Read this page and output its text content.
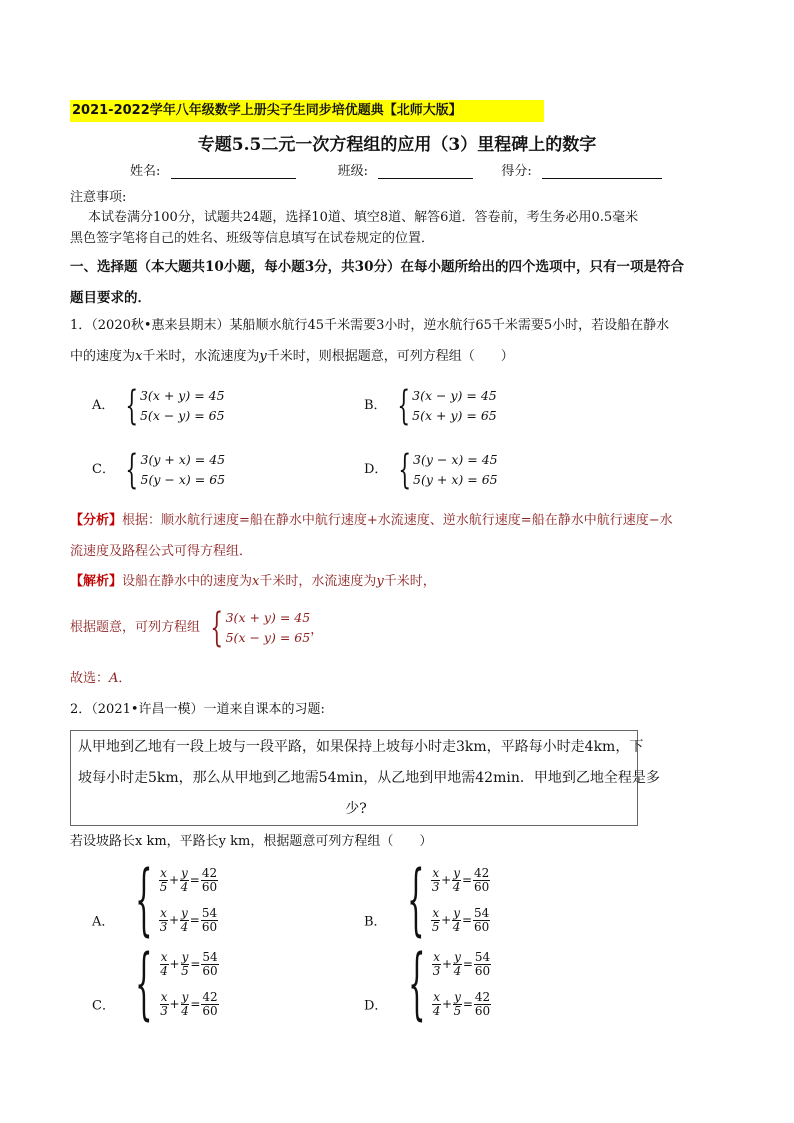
2021-2022学年八年级数学上册尖子生同步培优题典【北师大版】
专题5.5二元一次方程组的应用（3）里程碑上的数字
姓名:	班级:	得分:
注意事项:
本试卷满分100分，试题共24题，选择10道、填空8道、解答6道．答卷前，考生务必用0.5毫米
黑色签字笔将自己的姓名、班级等信息填写在试卷规定的位置．
一、选择题（本大题共10小题，每小题3分，共30分）在每小题所给出的四个选项中，只有一项是符合
题目要求的．
1．（2020秋•惠来县期末）某船顺水航行45千米需要3小时，逆水航行65千米需要5小时，若设船在静水
中的速度为x千米时，水流速度为y千米时，则根据题意，可列方程组（　　）
A． { 3(x + y) = 45
5(x − y) = 65
B． { 3(x − y) = 45
5(x + y) = 65
C． { 3(y + x) = 45
5(y − x) = 65
D． { 3(y − x) = 45
5(y + x) = 65
【分析】根据：顺水航行速度=船在静水中航行速度+水流速度、逆水航行速度=船在静水中航行速度−水
流速度及路程公式可得方程组．
【解析】设船在静水中的速度为x千米时，水流速度为y千米时，
根据题意，可列方程组 { 3(x + y) = 45
5(x − y) = 65 ，
故选：A．
2．（2021•许昌一模）一道来自课本的习题:
从甲地到乙地有一段上坡与一段平路，如果保持上坡每小时走3km，平路每小时走4km，下
坡每小时走5km，那么从甲地到乙地需54min，从乙地到甲地需42min．甲地到乙地全程是多
少?
若设坡路长x km，平路长y km，根据题意可列方程组（　　）
A． { $\frac{x}{5} + \frac{y}{4} = \frac{42}{60}$
$\frac{x}{3} + \frac{y}{4} = \frac{54}{60}$	B． { $\frac{x}{3} + \frac{y}{4} = \frac{42}{60}$
$\frac{x}{5} + \frac{y}{4} = \frac{54}{60}$
C． { $\frac{x}{4} + \frac{y}{5} = \frac{54}{60}$
$\frac{x}{3} + \frac{y}{4} = \frac{42}{60}$	D． { $\frac{x}{3} + \frac{y}{4} = \frac{54}{60}$
$\frac{x}{4} + \frac{y}{5} = \frac{42}{60}$
